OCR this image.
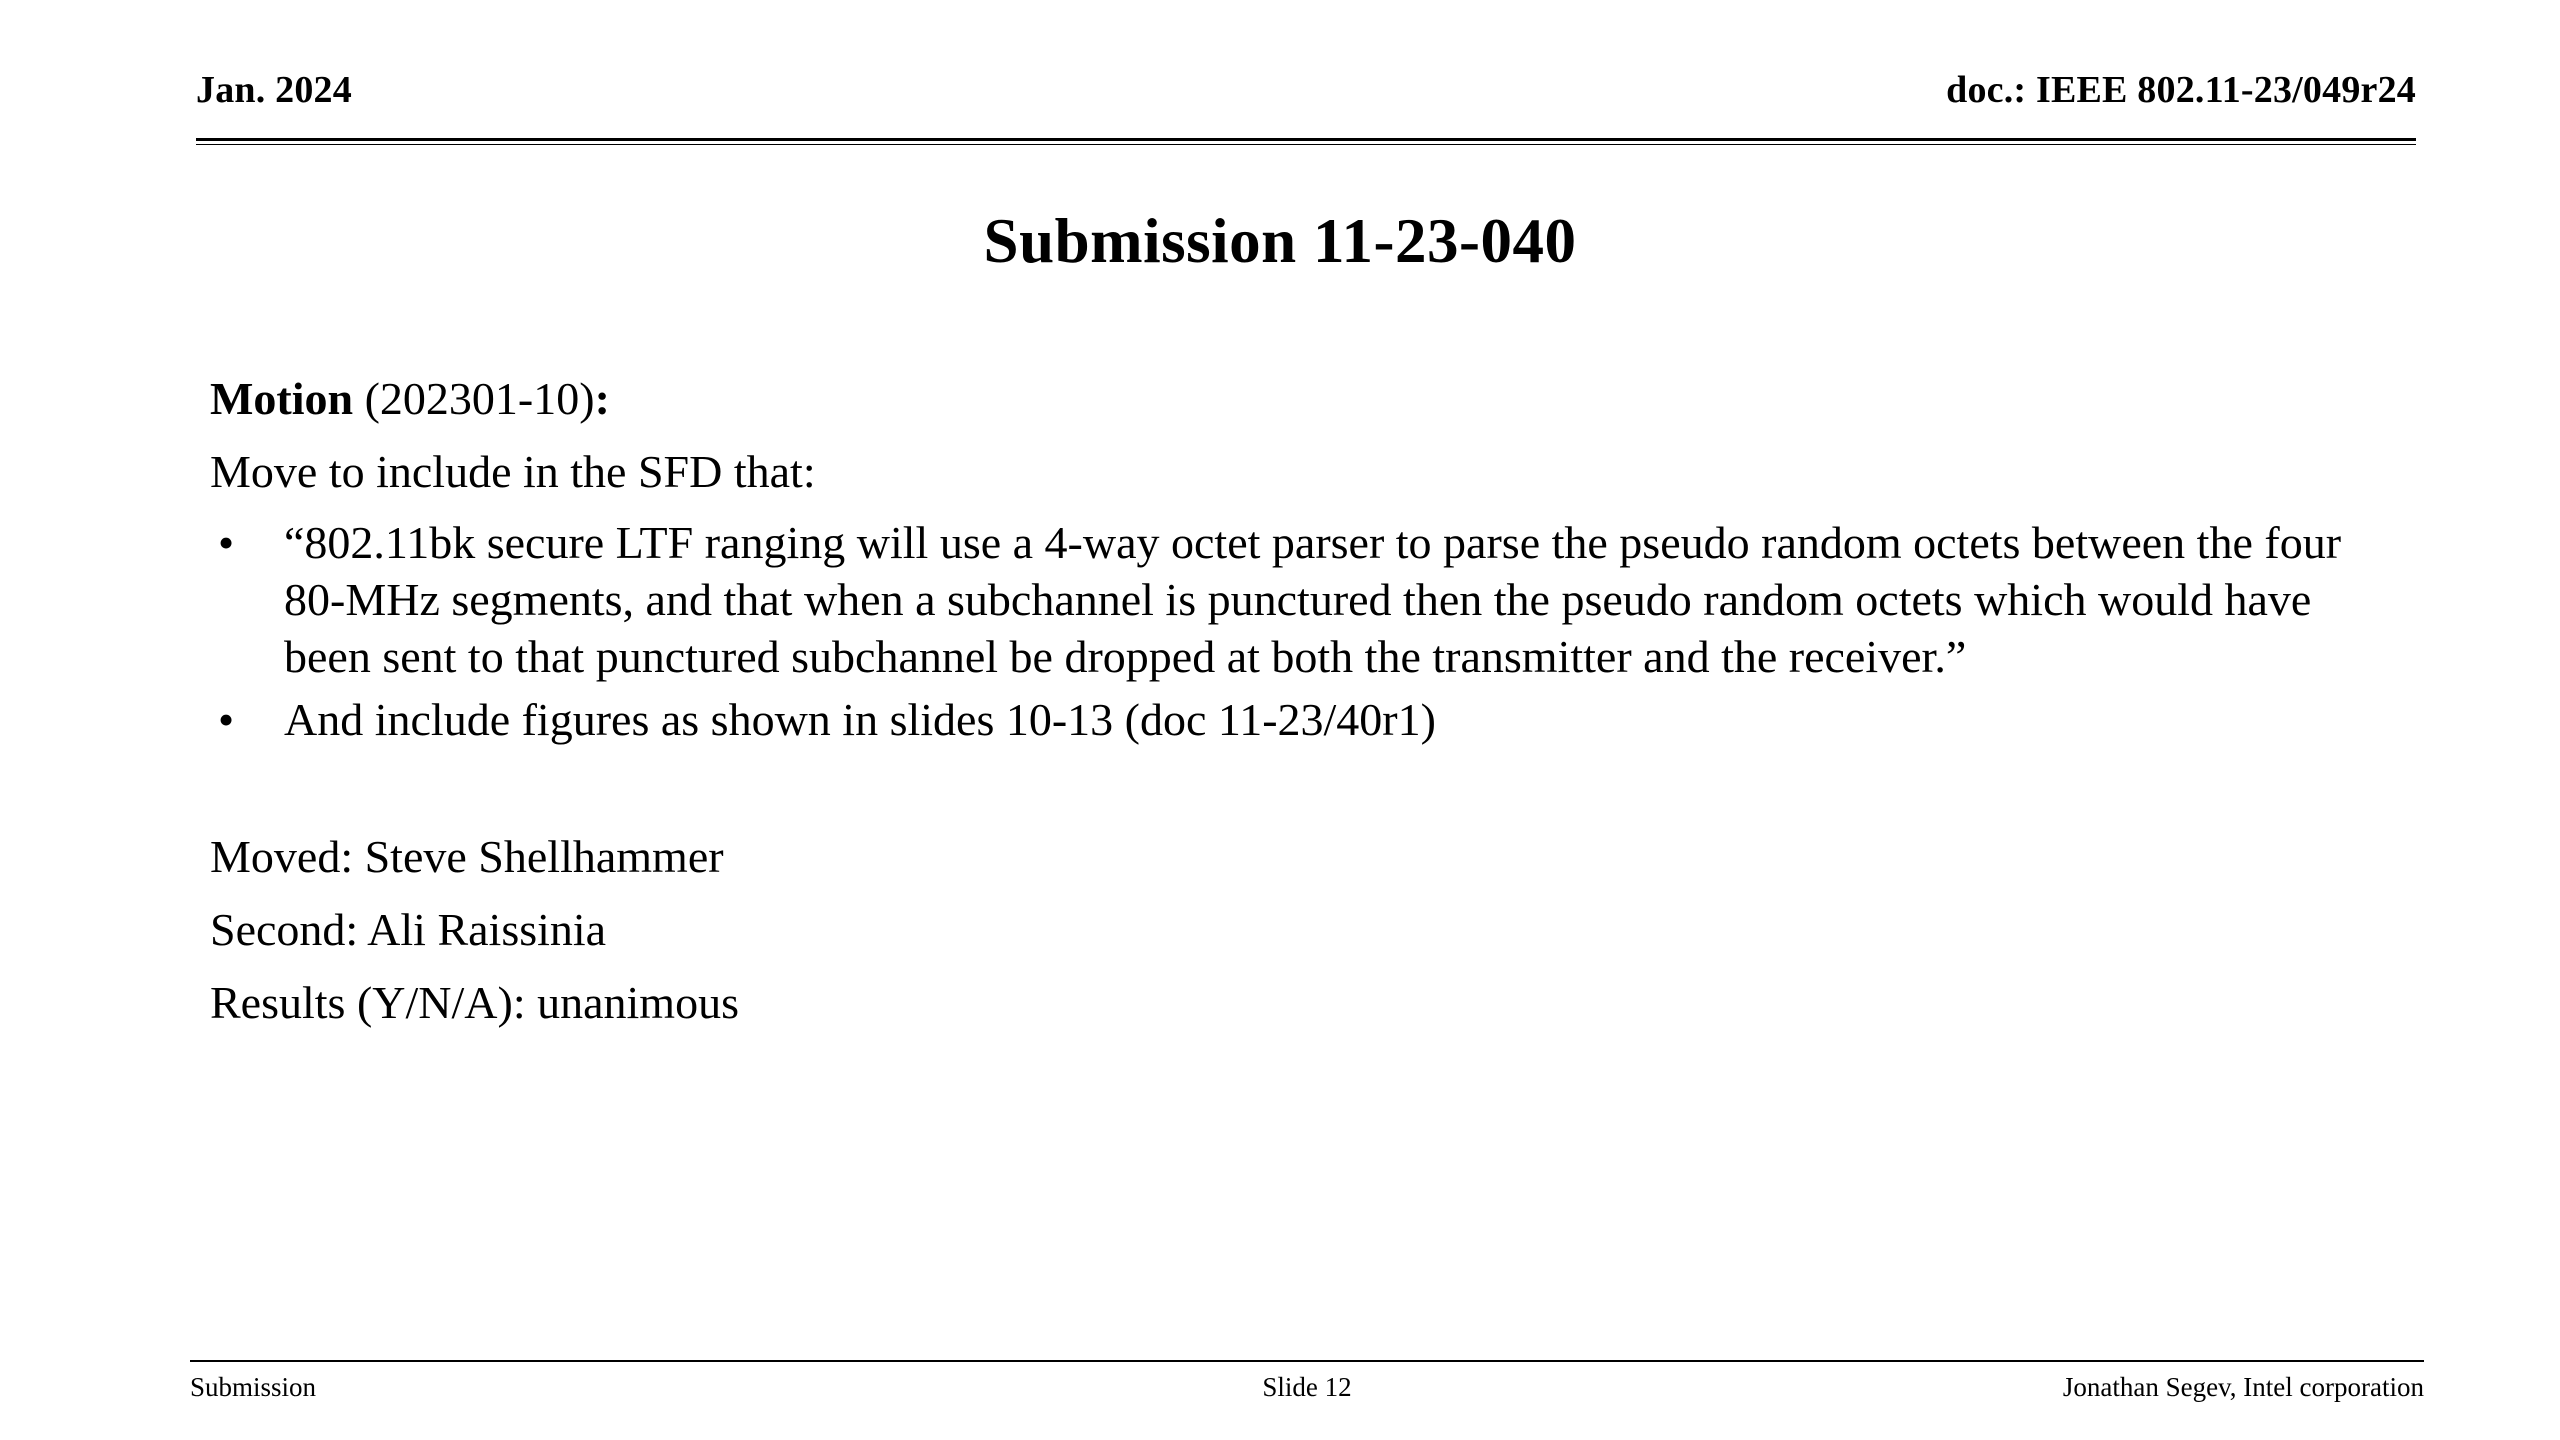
Jan. 2024	doc.: IEEE 802.11-23/049r24
Submission 11-23-040

Motion (202301-10):

Move to include in the SFD that:

•	“802.11bk secure LTF ranging will use a 4-way octet parser to parse the pseudo random octets between the four 80-MHz segments, and that when a subchannel is punctured then the pseudo random octets which would have been sent to that punctured subchannel be dropped at both the transmitter and the receiver.”
•	And include figures as shown in slides 10-13 (doc 11-23/40r1)

Moved: Steve Shellhammer

Second: Ali Raissinia

Results (Y/N/A): unanimous

Submission	Slide 12	Jonathan Segev, Intel corporation
